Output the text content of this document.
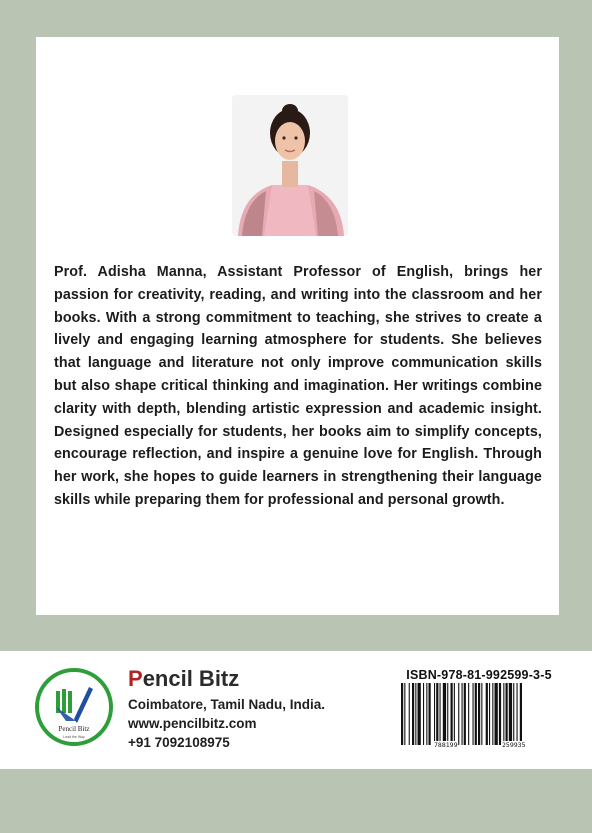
Prof. Adisha Manna, Assistant Professor of English, brings her passion for creativity, reading, and writing into the classroom and her books. With a strong commitment to teaching, she strives to create a lively and engaging learning atmosphere for students. She believes that language and literature not only improve communication skills but also shape critical thinking and imagination. Her writings combine clarity with depth, blending artistic expression and academic insight. Designed especially for students, her books aim to simplify concepts, encourage reflection, and inspire a genuine love for English. Through her work, she hopes to guide learners in strengthening their language skills while preparing them for professional and personal growth.

Pencil Bitz
Lead the Way
Pencil Bitz
Coimbatore, Tamil Nadu, India.
www.pencilbitz.com
+91 7092108975
ISBN-978-81-992599-3-5
788199	259935
